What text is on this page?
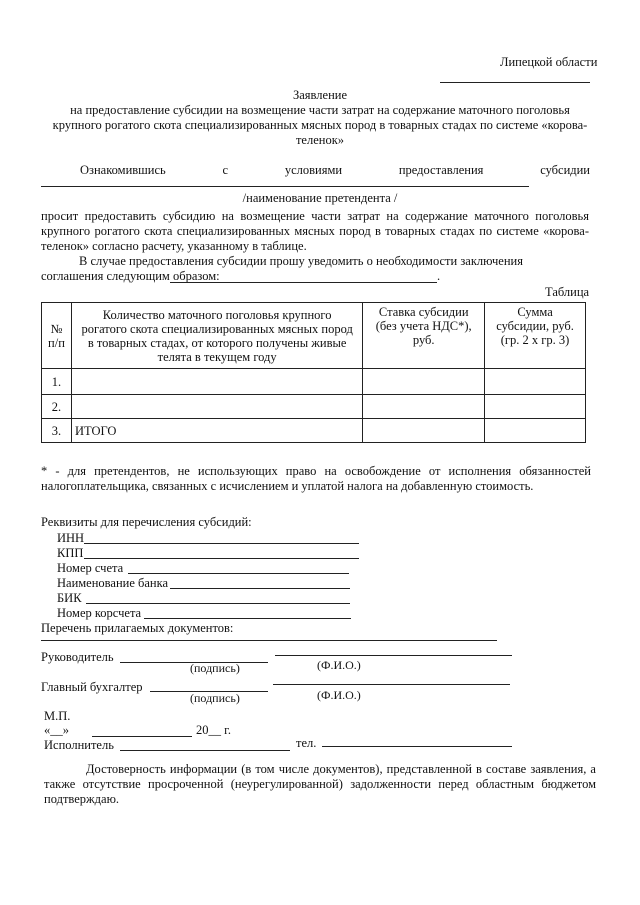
Липецкой области
Заявление
на предоставление субсидии на возмещение части затрат на содержание маточного поголовья
крупного рогатого скота специализированных мясных пород в товарных стадах по системе «корова-
теленок»
Ознакомившись	с	условиями	предоставления	субсидии
/наименование претендента /
просит предоставить субсидию на возмещение части затрат на содержание маточного поголовья крупного рогатого скота специализированных мясных пород в товарных стадах по системе «корова-теленок» согласно расчету, указанному в таблице.
В случае предоставления субсидии прошу уведомить о необходимости заключения
соглашения следующим образом:	.
Таблица
№
п/п	Количество маточного поголовья крупного
рогатого скота специализированных мясных пород
в товарных стадах, от которого получены живые
телята в текущем году	Ставка субсидии
(без учета НДС*),
руб.	Сумма
субсидии, руб.
(гр. 2 х гр. 3)
1.			
2.			
3.	ИТОГО		
* - для претендентов, не использующих право на освобождение от исполнения обязанностей налогоплательщика, связанных с исчислением и уплатой налога на добавленную стоимость.
Реквизиты для перечисления субсидий:
ИНН
КПП
Номер счета
Наименование банка
БИК
Номер корсчета
Перечень прилагаемых документов:
Руководитель
(подпись)	(Ф.И.О.)
Главный бухгалтер
(подпись)	(Ф.И.О.)
М.П.
«__»	20__ г.
Исполнитель	тел.
Достоверность информации (в том числе документов), представленной в составе заявления, а также отсутствие просроченной (неурегулированной) задолженности перед областным бюджетом подтверждаю.
